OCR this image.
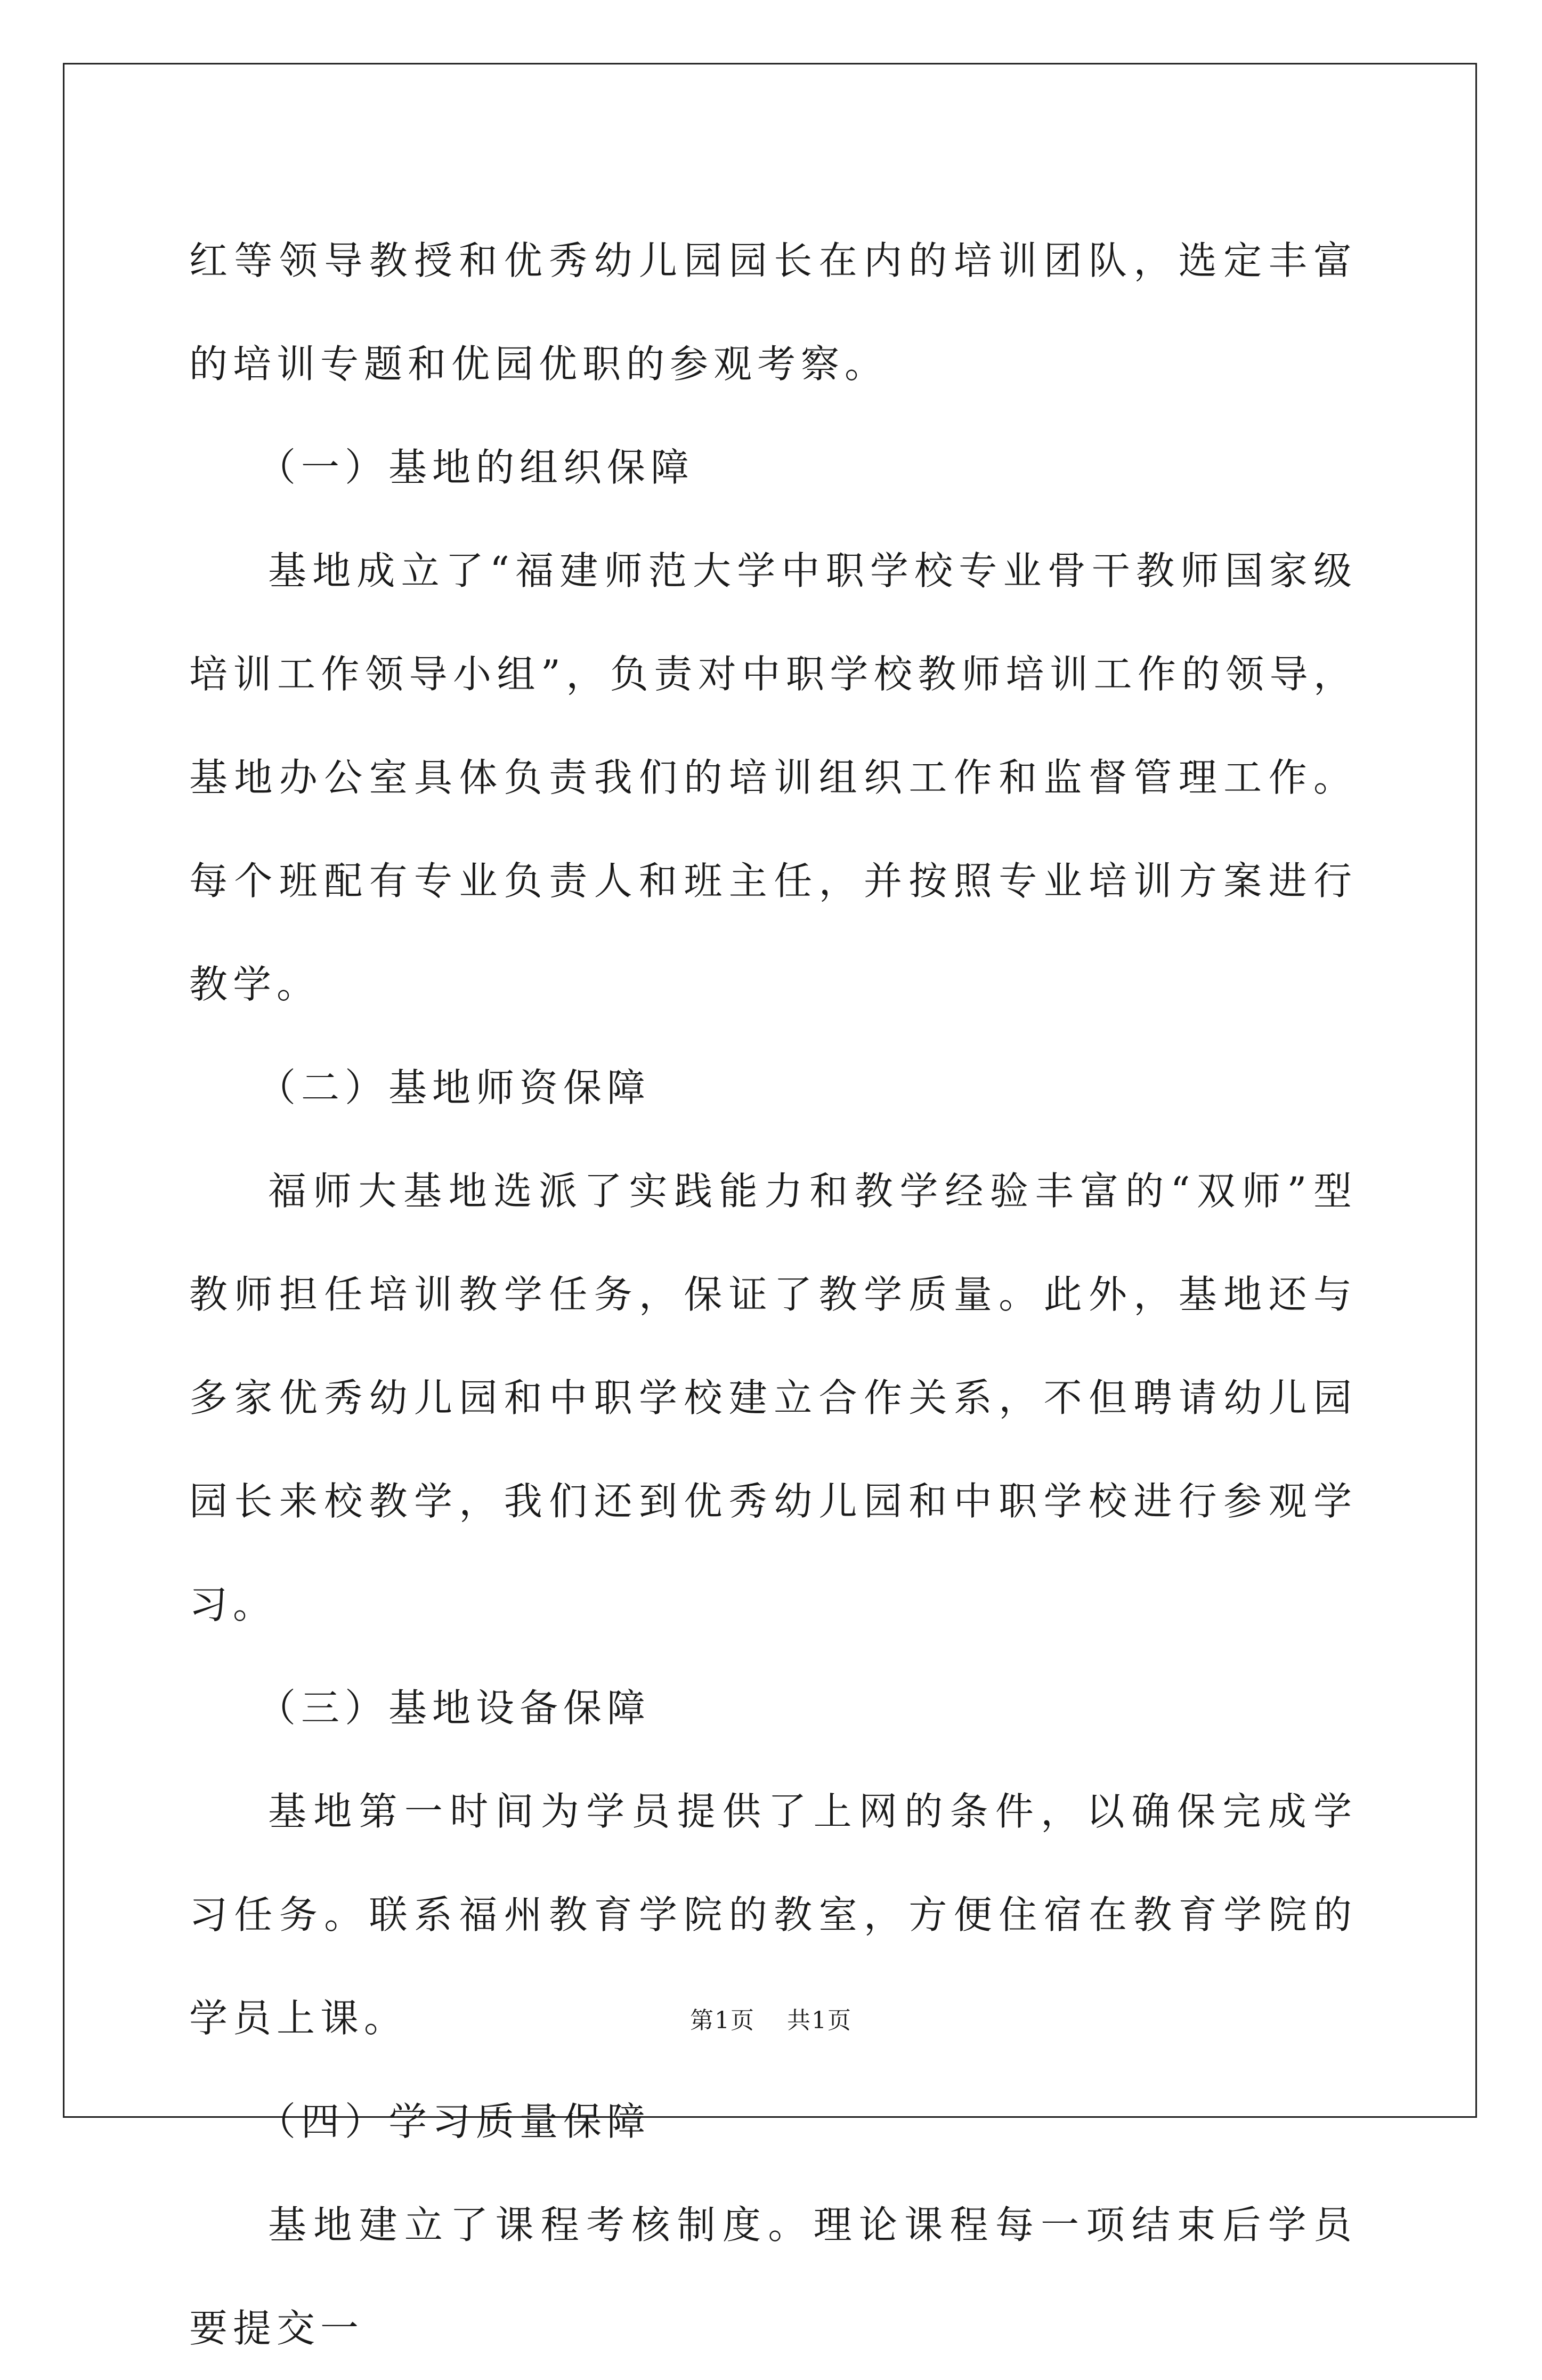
红等领导教授和优秀幼儿园园长在内的培训团队，选定丰富的培训专题和优园优职的参观考察。

（一）基地的组织保障

基地成立了“福建师范大学中职学校专业骨干教师国家级培训工作领导小组”，负责对中职学校教师培训工作的领导，基地办公室具体负责我们的培训组织工作和监督管理工作。每个班配有专业负责人和班主任，并按照专业培训方案进行教学。

（二）基地师资保障

福师大基地选派了实践能力和教学经验丰富的“双师”型教师担任培训教学任务，保证了教学质量。此外，基地还与多家优秀幼儿园和中职学校建立合作关系，不但聘请幼儿园园长来校教学，我们还到优秀幼儿园和中职学校进行参观学习。

（三）基地设备保障

基地第一时间为学员提供了上网的条件，以确保完成学习任务。联系福州教育学院的教室，方便住宿在教育学院的学员上课。

（四）学习质量保障

基地建立了课程考核制度。理论课程每一项结束后学员要提交一

第1页 共1页
